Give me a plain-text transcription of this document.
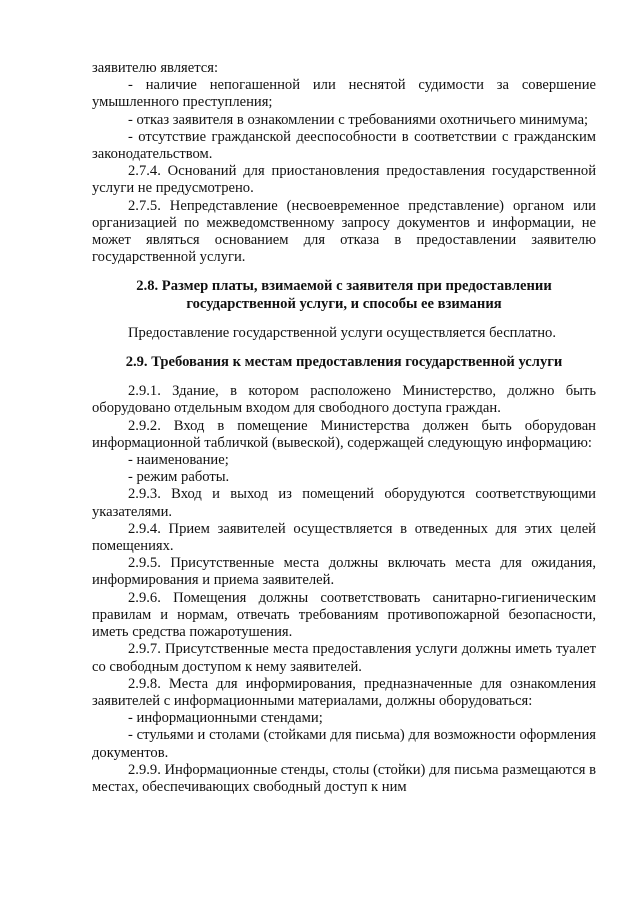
заявителю является:

- наличие непогашенной или неснятой судимости за совершение умышленного преступления;

- отказ заявителя в ознакомлении с требованиями охотничьего минимума;

- отсутствие гражданской дееспособности в соответствии с гражданским законодательством.

2.7.4. Оснований для приостановления предоставления государственной услуги не предусмотрено.

2.7.5. Непредставление (несвоевременное представление) органом или организацией по межведомственному запросу документов и информации, не может являться основанием для отказа в предоставлении заявителю государственной услуги.

2.8. Размер платы, взимаемой с заявителя при предоставлении государственной услуги, и способы ее взимания

Предоставление государственной услуги осуществляется бесплатно.

2.9. Требования к местам предоставления государственной услуги

2.9.1. Здание, в котором расположено Министерство, должно быть оборудовано отдельным входом для свободного доступа граждан.

2.9.2. Вход в помещение Министерства должен быть оборудован информационной табличкой (вывеской), содержащей следующую информацию:

- наименование;

- режим работы.

2.9.3. Вход и выход из помещений оборудуются соответствующими указателями.

2.9.4. Прием заявителей осуществляется в отведенных для этих целей помещениях.

2.9.5. Присутственные места должны включать места для ожидания, информирования и приема заявителей.

2.9.6. Помещения должны соответствовать санитарно-гигиеническим правилам и нормам, отвечать требованиям противопожарной безопасности, иметь средства пожаротушения.

2.9.7. Присутственные места предоставления услуги должны иметь туалет со свободным доступом к нему заявителей.

2.9.8. Места для информирования, предназначенные для ознакомления заявителей с информационными материалами, должны оборудоваться:

- информационными стендами;

- стульями и столами (стойками для письма) для возможности оформления документов.

2.9.9. Информационные стенды, столы (стойки) для письма размещаются в местах, обеспечивающих свободный доступ к ним
